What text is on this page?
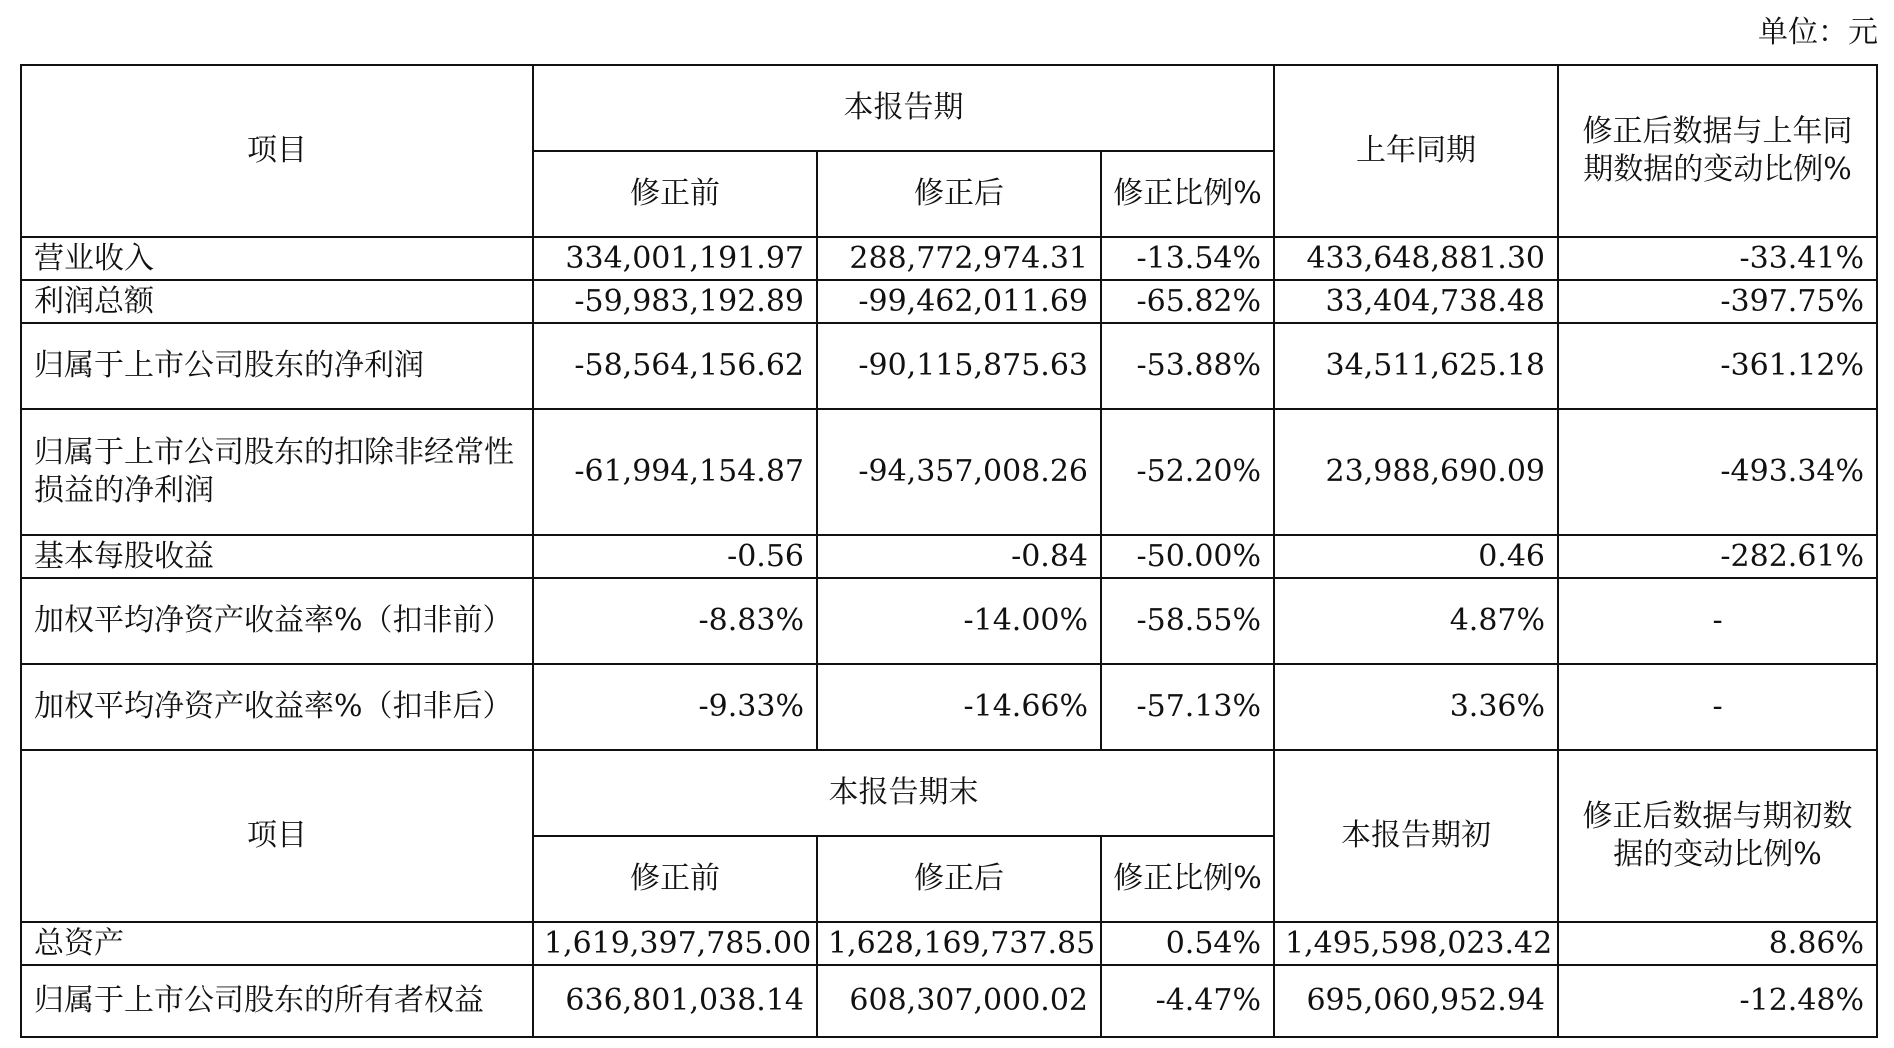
单位：元
项目	本报告期			上年同期	修正后数据与上年同期数据的变动比例%
	修正前	修正后	修正比例%		
营业收入	334,001,191.97	288,772,974.31	-13.54%	433,648,881.30	-33.41%
利润总额	-59,983,192.89	-99,462,011.69	-65.82%	33,404,738.48	-397.75%
归属于上市公司股东的净利润	-58,564,156.62	-90,115,875.63	-53.88%	34,511,625.18	-361.12%
归属于上市公司股东的扣除非经常性损益的净利润	-61,994,154.87	-94,357,008.26	-52.20%	23,988,690.09	-493.34%
基本每股收益	-0.56	-0.84	-50.00%	0.46	-282.61%
加权平均净资产收益率%（扣非前）	-8.83%	-14.00%	-58.55%	4.87%	-
加权平均净资产收益率%（扣非后）	-9.33%	-14.66%	-57.13%	3.36%	-
项目	本报告期末			本报告期初	修正后数据与期初数据的变动比例%
	修正前	修正后	修正比例%		
总资产	1,619,397,785.00	1,628,169,737.85	0.54%	1,495,598,023.42	8.86%
归属于上市公司股东的所有者权益	636,801,038.14	608,307,000.02	-4.47%	695,060,952.94	-12.48%
